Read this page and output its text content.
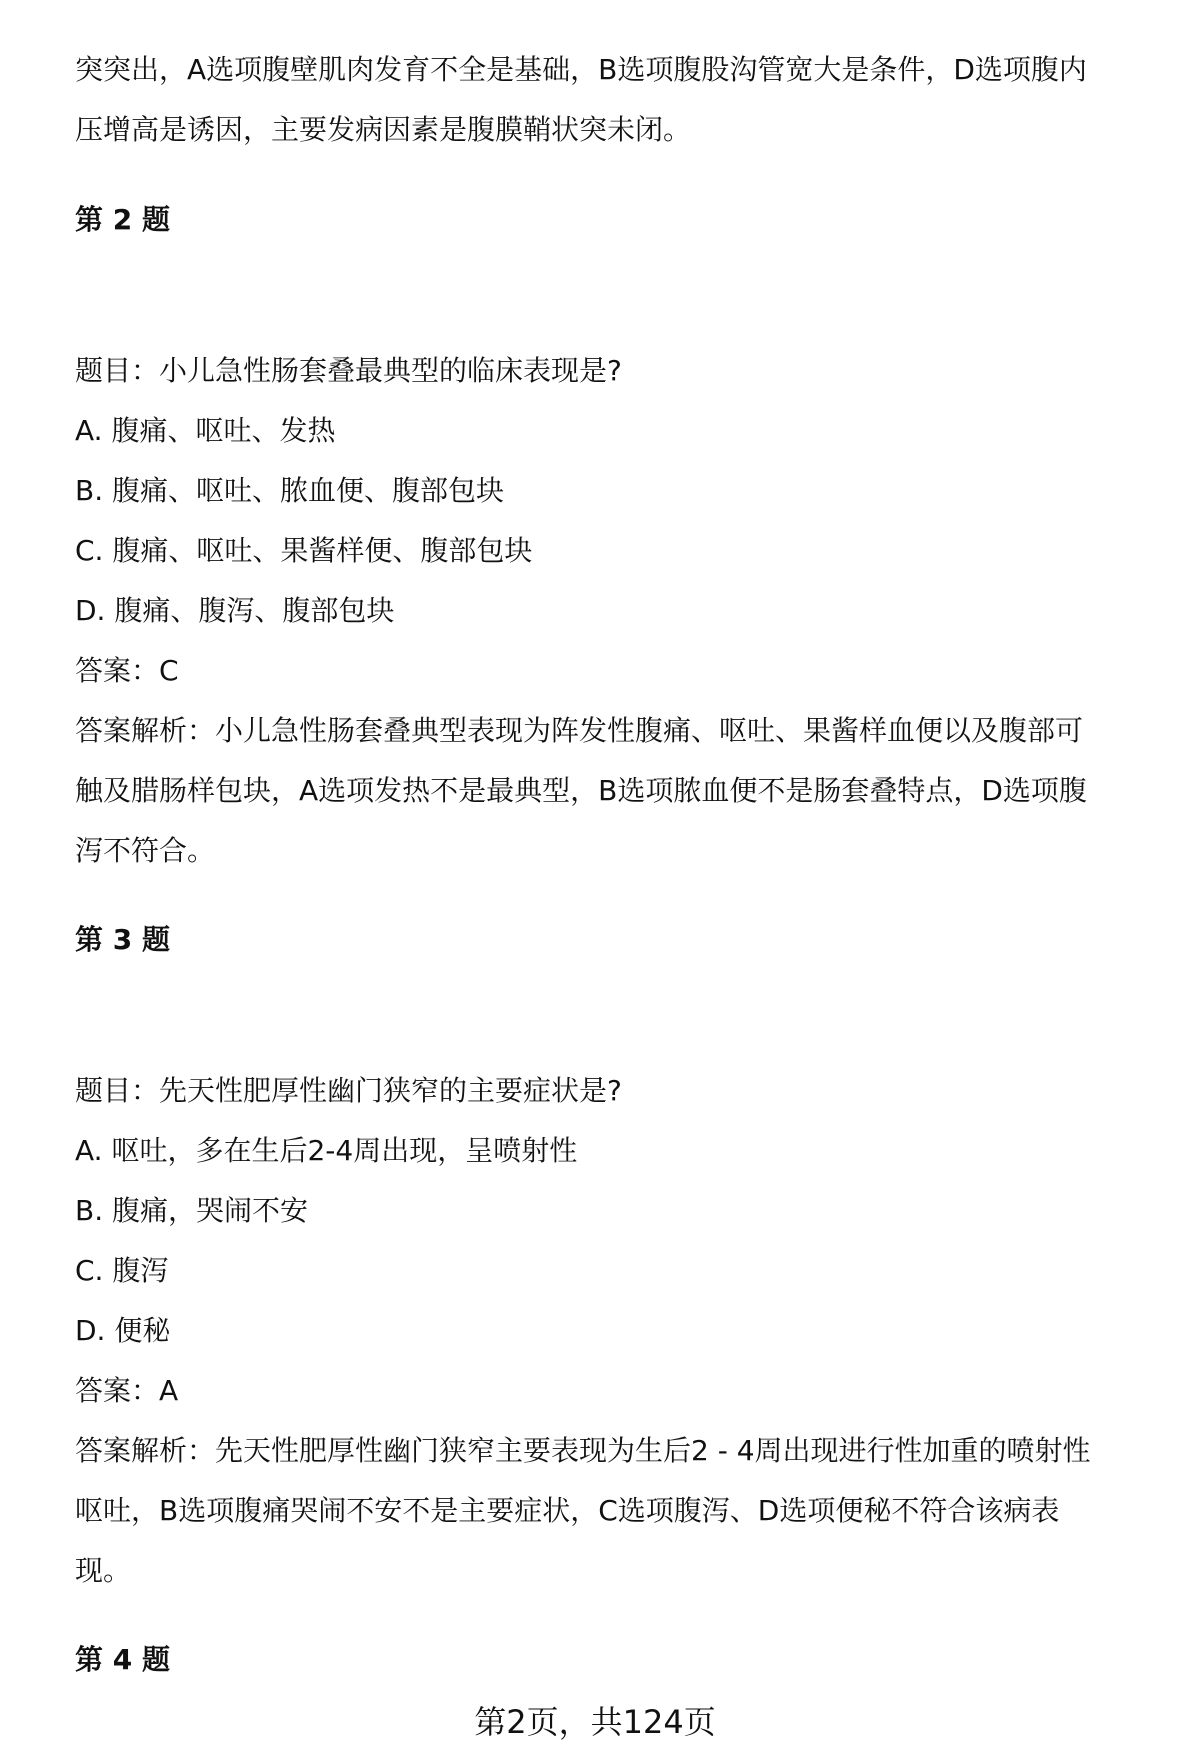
突突出，A选项腹壁肌肉发育不全是基础，B选项腹股沟管宽大是条件，D选项腹内
压增高是诱因，主要发病因素是腹膜鞘状突未闭。
第 2 题
题目：小儿急性肠套叠最典型的临床表现是?
A. 腹痛、呕吐、发热
B. 腹痛、呕吐、脓血便、腹部包块
C. 腹痛、呕吐、果酱样便、腹部包块
D. 腹痛、腹泻、腹部包块
答案：C
答案解析：小儿急性肠套叠典型表现为阵发性腹痛、呕吐、果酱样血便以及腹部可
触及腊肠样包块，A选项发热不是最典型，B选项脓血便不是肠套叠特点，D选项腹
泻不符合。
第 3 题
题目：先天性肥厚性幽门狭窄的主要症状是?
A. 呕吐，多在生后2-4周出现，呈喷射性
B. 腹痛，哭闹不安
C. 腹泻
D. 便秘
答案：A
答案解析：先天性肥厚性幽门狭窄主要表现为生后2 - 4周出现进行性加重的喷射性
呕吐，B选项腹痛哭闹不安不是主要症状，C选项腹泻、D选项便秘不符合该病表
现。
第 4 题
第2页，共124页
